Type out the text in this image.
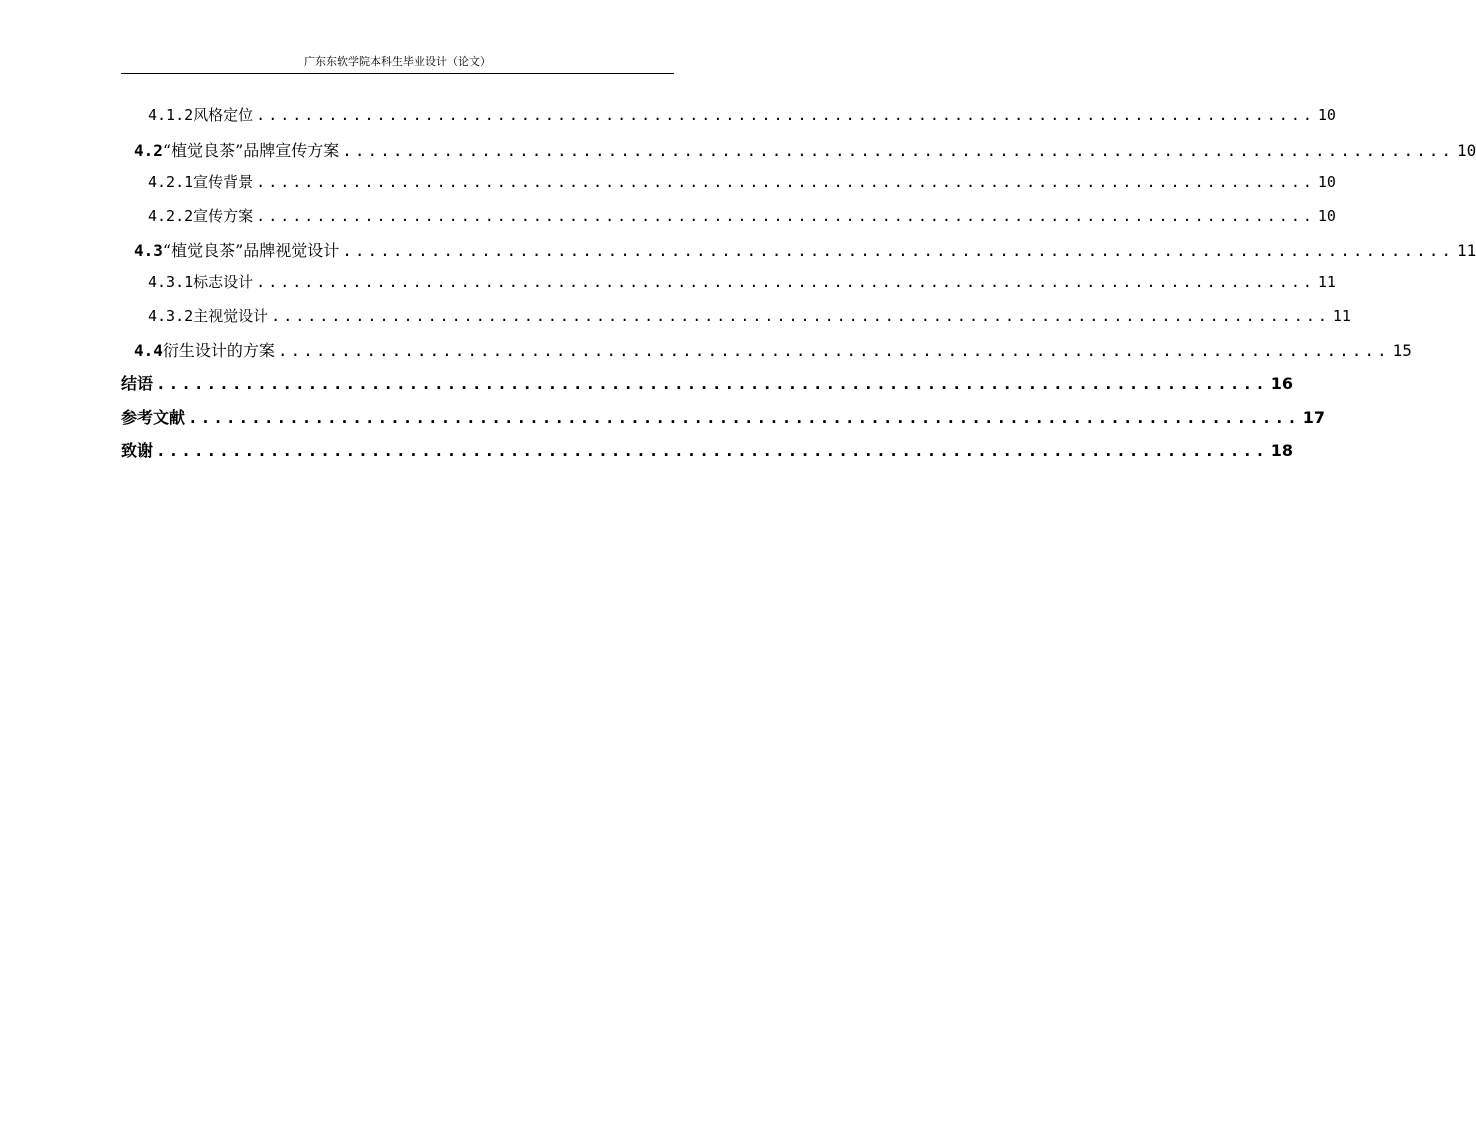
广东东软学院本科生毕业设计（论文）
4.1.2 风格定位 ........................................................................................ 10
4.2 “植觉良茶”品牌宣传方案 ........................................................................................ 10
4.2.1 宣传背景 ........................................................................................ 10
4.2.2 宣传方案 ........................................................................................ 10
4.3 “植觉良茶”品牌视觉设计 ........................................................................................ 11
4.3.1 标志设计 ........................................................................................ 11
4.3.2 主视觉设计 ........................................................................................ 11
4.4 衍生设计的方案 ........................................................................................ 15
结语 ........................................................................................ 16
参考文献 ........................................................................................ 17
致谢 ........................................................................................ 18
